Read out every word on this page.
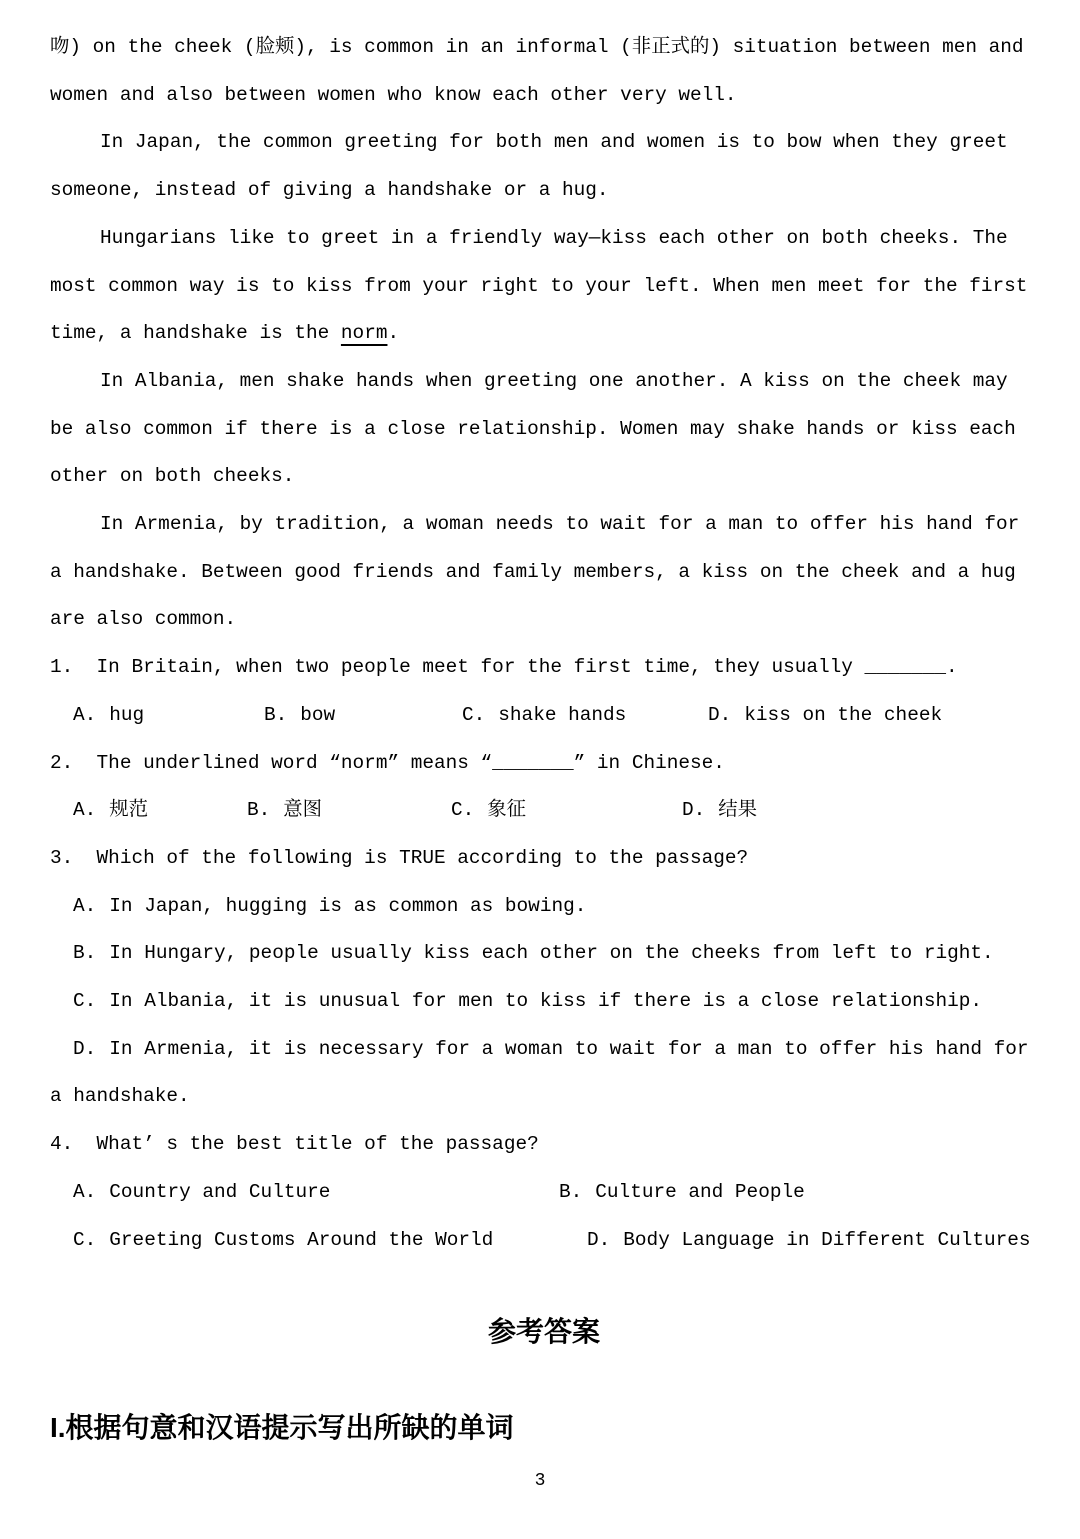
吻) on the cheek (脸颊), is common in an informal (非正式的) situation between men and women and also between women who know each other very well.
In Japan, the common greeting for both men and women is to bow when they greet someone, instead of giving a handshake or a hug.
Hungarians like to greet in a friendly way—kiss each other on both cheeks. The most common way is to kiss from your right to your left. When men meet for the first time, a handshake is the norm.
In Albania, men shake hands when greeting one another. A kiss on the cheek may be also common if there is a close relationship. Women may shake hands or kiss each other on both cheeks.
In Armenia, by tradition, a woman needs to wait for a man to offer his hand for a handshake. Between good friends and family members, a kiss on the cheek and a hug are also common.
1.  In Britain, when two people meet for the first time, they usually _______.
A. hug	B. bow	C. shake hands	D. kiss on the cheek
2.  The underlined word “norm” means “_______” in Chinese.
A. 规范	B. 意图	C. 象征	D. 结果
3.  Which of the following is TRUE according to the passage?
A. In Japan, hugging is as common as bowing.
B. In Hungary, people usually kiss each other on the cheeks from left to right.
C. In Albania, it is unusual for men to kiss if there is a close relationship.
D. In Armenia, it is necessary for a woman to wait for a man to offer his hand for a handshake.
4.  What’ s the best title of the passage?
A. Country and Culture	B. Culture and People
C. Greeting Customs Around the World	D. Body Language in Different Cultures
参考答案
I.根据句意和汉语提示写出所缺的单词
3
